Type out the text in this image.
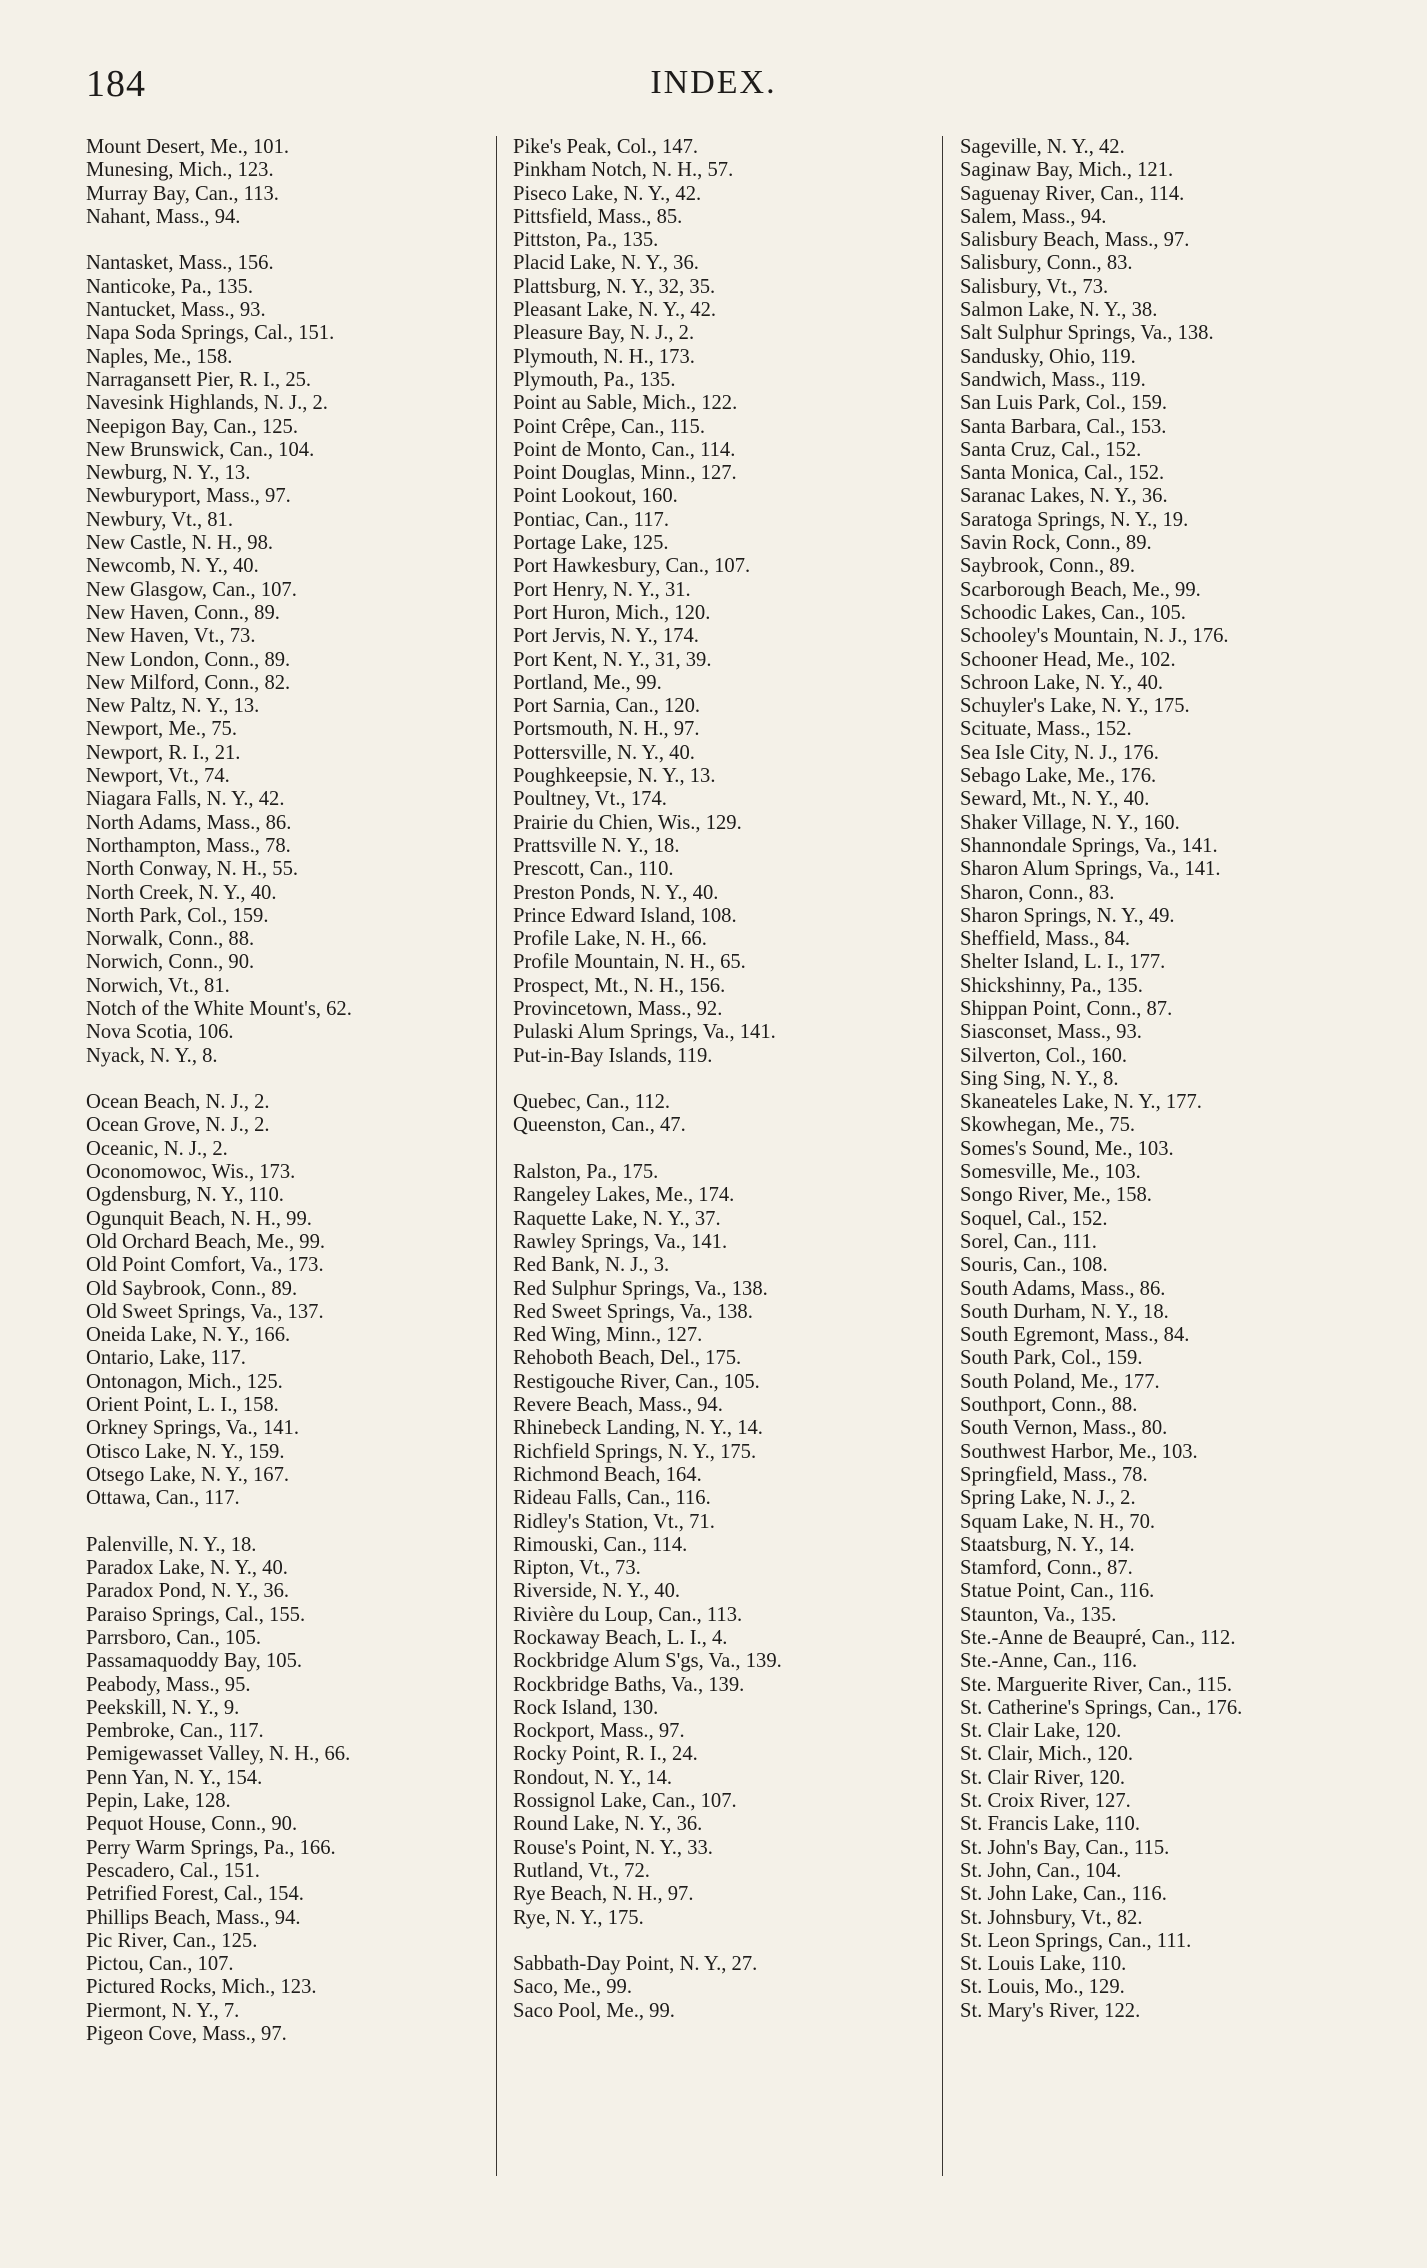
184	INDEX.
Mount Desert, Me., 101.
Munesing, Mich., 123.
Murray Bay, Can., 113.
Nahant, Mass., 94.
Nantasket, Mass., 156.
Nanticoke, Pa., 135.
Nantucket, Mass., 93.
Napa Soda Springs, Cal., 151.
Naples, Me., 158.
Narragansett Pier, R. I., 25.
Navesink Highlands, N. J., 2.
Neepigon Bay, Can., 125.
New Brunswick, Can., 104.
Newburg, N. Y., 13.
Newburyport, Mass., 97.
Newbury, Vt., 81.
New Castle, N. H., 98.
Newcomb, N. Y., 40.
New Glasgow, Can., 107.
New Haven, Conn., 89.
New Haven, Vt., 73.
New London, Conn., 89.
New Milford, Conn., 82.
New Paltz, N. Y., 13.
Newport, Me., 75.
Newport, R. I., 21.
Newport, Vt., 74.
Niagara Falls, N. Y., 42.
North Adams, Mass., 86.
Northampton, Mass., 78.
North Conway, N. H., 55.
North Creek, N. Y., 40.
North Park, Col., 159.
Norwalk, Conn., 88.
Norwich, Conn., 90.
Norwich, Vt., 81.
Notch of the White Mount's, 62.
Nova Scotia, 106.
Nyack, N. Y., 8.
Ocean Beach, N. J., 2.
Ocean Grove, N. J., 2.
Oceanic, N. J., 2.
Oconomowoc, Wis., 173.
Ogdensburg, N. Y., 110.
Ogunquit Beach, N. H., 99.
Old Orchard Beach, Me., 99.
Old Point Comfort, Va., 173.
Old Saybrook, Conn., 89.
Old Sweet Springs, Va., 137.
Oneida Lake, N. Y., 166.
Ontario, Lake, 117.
Ontonagon, Mich., 125.
Orient Point, L. I., 158.
Orkney Springs, Va., 141.
Otisco Lake, N. Y., 159.
Otsego Lake, N. Y., 167.
Ottawa, Can., 117.
Palenville, N. Y., 18.
Paradox Lake, N. Y., 40.
Paradox Pond, N. Y., 36.
Paraiso Springs, Cal., 155.
Parrsboro, Can., 105.
Passamaquoddy Bay, 105.
Peabody, Mass., 95.
Peekskill, N. Y., 9.
Pembroke, Can., 117.
Pemigewasset Valley, N. H., 66.
Penn Yan, N. Y., 154.
Pepin, Lake, 128.
Pequot House, Conn., 90.
Perry Warm Springs, Pa., 166.
Pescadero, Cal., 151.
Petrified Forest, Cal., 154.
Phillips Beach, Mass., 94.
Pic River, Can., 125.
Pictou, Can., 107.
Pictured Rocks, Mich., 123.
Piermont, N. Y., 7.
Pigeon Cove, Mass., 97.
Pike's Peak, Col., 147.
Pinkham Notch, N. H., 57.
Piseco Lake, N. Y., 42.
Pittsfield, Mass., 85.
Pittston, Pa., 135.
Placid Lake, N. Y., 36.
Plattsburg, N. Y., 32, 35.
Pleasant Lake, N. Y., 42.
Pleasure Bay, N. J., 2.
Plymouth, N. H., 173.
Plymouth, Pa., 135.
Point au Sable, Mich., 122.
Point Crêpe, Can., 115.
Point de Monto, Can., 114.
Point Douglas, Minn., 127.
Point Lookout, 160.
Pontiac, Can., 117.
Portage Lake, 125.
Port Hawkesbury, Can., 107.
Port Henry, N. Y., 31.
Port Huron, Mich., 120.
Port Jervis, N. Y., 174.
Port Kent, N. Y., 31, 39.
Portland, Me., 99.
Port Sarnia, Can., 120.
Portsmouth, N. H., 97.
Pottersville, N. Y., 40.
Poughkeepsie, N. Y., 13.
Poultney, Vt., 174.
Prairie du Chien, Wis., 129.
Prattsville N. Y., 18.
Prescott, Can., 110.
Preston Ponds, N. Y., 40.
Prince Edward Island, 108.
Profile Lake, N. H., 66.
Profile Mountain, N. H., 65.
Prospect, Mt., N. H., 156.
Provincetown, Mass., 92.
Pulaski Alum Springs, Va., 141.
Put-in-Bay Islands, 119.
Quebec, Can., 112.
Queenston, Can., 47.
Ralston, Pa., 175.
Rangeley Lakes, Me., 174.
Raquette Lake, N. Y., 37.
Rawley Springs, Va., 141.
Red Bank, N. J., 3.
Red Sulphur Springs, Va., 138.
Red Sweet Springs, Va., 138.
Red Wing, Minn., 127.
Rehoboth Beach, Del., 175.
Restigouche River, Can., 105.
Revere Beach, Mass., 94.
Rhinebeck Landing, N. Y., 14.
Richfield Springs, N. Y., 175.
Richmond Beach, 164.
Rideau Falls, Can., 116.
Ridley's Station, Vt., 71.
Rimouski, Can., 114.
Ripton, Vt., 73.
Riverside, N. Y., 40.
Rivière du Loup, Can., 113.
Rockaway Beach, L. I., 4.
Rockbridge Alum S'gs, Va., 139.
Rockbridge Baths, Va., 139.
Rock Island, 130.
Rockport, Mass., 97.
Rocky Point, R. I., 24.
Rondout, N. Y., 14.
Rossignol Lake, Can., 107.
Round Lake, N. Y., 36.
Rouse's Point, N. Y., 33.
Rutland, Vt., 72.
Rye Beach, N. H., 97.
Rye, N. Y., 175.
Sabbath-Day Point, N. Y., 27.
Saco, Me., 99.
Saco Pool, Me., 99.
Sageville, N. Y., 42.
Saginaw Bay, Mich., 121.
Saguenay River, Can., 114.
Salem, Mass., 94.
Salisbury Beach, Mass., 97.
Salisbury, Conn., 83.
Salisbury, Vt., 73.
Salmon Lake, N. Y., 38.
Salt Sulphur Springs, Va., 138.
Sandusky, Ohio, 119.
Sandwich, Mass., 119.
San Luis Park, Col., 159.
Santa Barbara, Cal., 153.
Santa Cruz, Cal., 152.
Santa Monica, Cal., 152.
Saranac Lakes, N. Y., 36.
Saratoga Springs, N. Y., 19.
Savin Rock, Conn., 89.
Saybrook, Conn., 89.
Scarborough Beach, Me., 99.
Schoodic Lakes, Can., 105.
Schooley's Mountain, N. J., 176.
Schooner Head, Me., 102.
Schroon Lake, N. Y., 40.
Schuyler's Lake, N. Y., 175.
Scituate, Mass., 152.
Sea Isle City, N. J., 176.
Sebago Lake, Me., 176.
Seward, Mt., N. Y., 40.
Shaker Village, N. Y., 160.
Shannondale Springs, Va., 141.
Sharon Alum Springs, Va., 141.
Sharon, Conn., 83.
Sharon Springs, N. Y., 49.
Sheffield, Mass., 84.
Shelter Island, L. I., 177.
Shickshinny, Pa., 135.
Shippan Point, Conn., 87.
Siasconset, Mass., 93.
Silverton, Col., 160.
Sing Sing, N. Y., 8.
Skaneateles Lake, N. Y., 177.
Skowhegan, Me., 75.
Somes's Sound, Me., 103.
Somesville, Me., 103.
Songo River, Me., 158.
Soquel, Cal., 152.
Sorel, Can., 111.
Souris, Can., 108.
South Adams, Mass., 86.
South Durham, N. Y., 18.
South Egremont, Mass., 84.
South Park, Col., 159.
South Poland, Me., 177.
Southport, Conn., 88.
South Vernon, Mass., 80.
Southwest Harbor, Me., 103.
Springfield, Mass., 78.
Spring Lake, N. J., 2.
Squam Lake, N. H., 70.
Staatsburg, N. Y., 14.
Stamford, Conn., 87.
Statue Point, Can., 116.
Staunton, Va., 135.
Ste.-Anne de Beaupré, Can., 112.
Ste.-Anne, Can., 116.
Ste. Marguerite River, Can., 115.
St. Catherine's Springs, Can., 176.
St. Clair Lake, 120.
St. Clair, Mich., 120.
St. Clair River, 120.
St. Croix River, 127.
St. Francis Lake, 110.
St. John's Bay, Can., 115.
St. John, Can., 104.
St. John Lake, Can., 116.
St. Johnsbury, Vt., 82.
St. Leon Springs, Can., 111.
St. Louis Lake, 110.
St. Louis, Mo., 129.
St. Mary's River, 122.
